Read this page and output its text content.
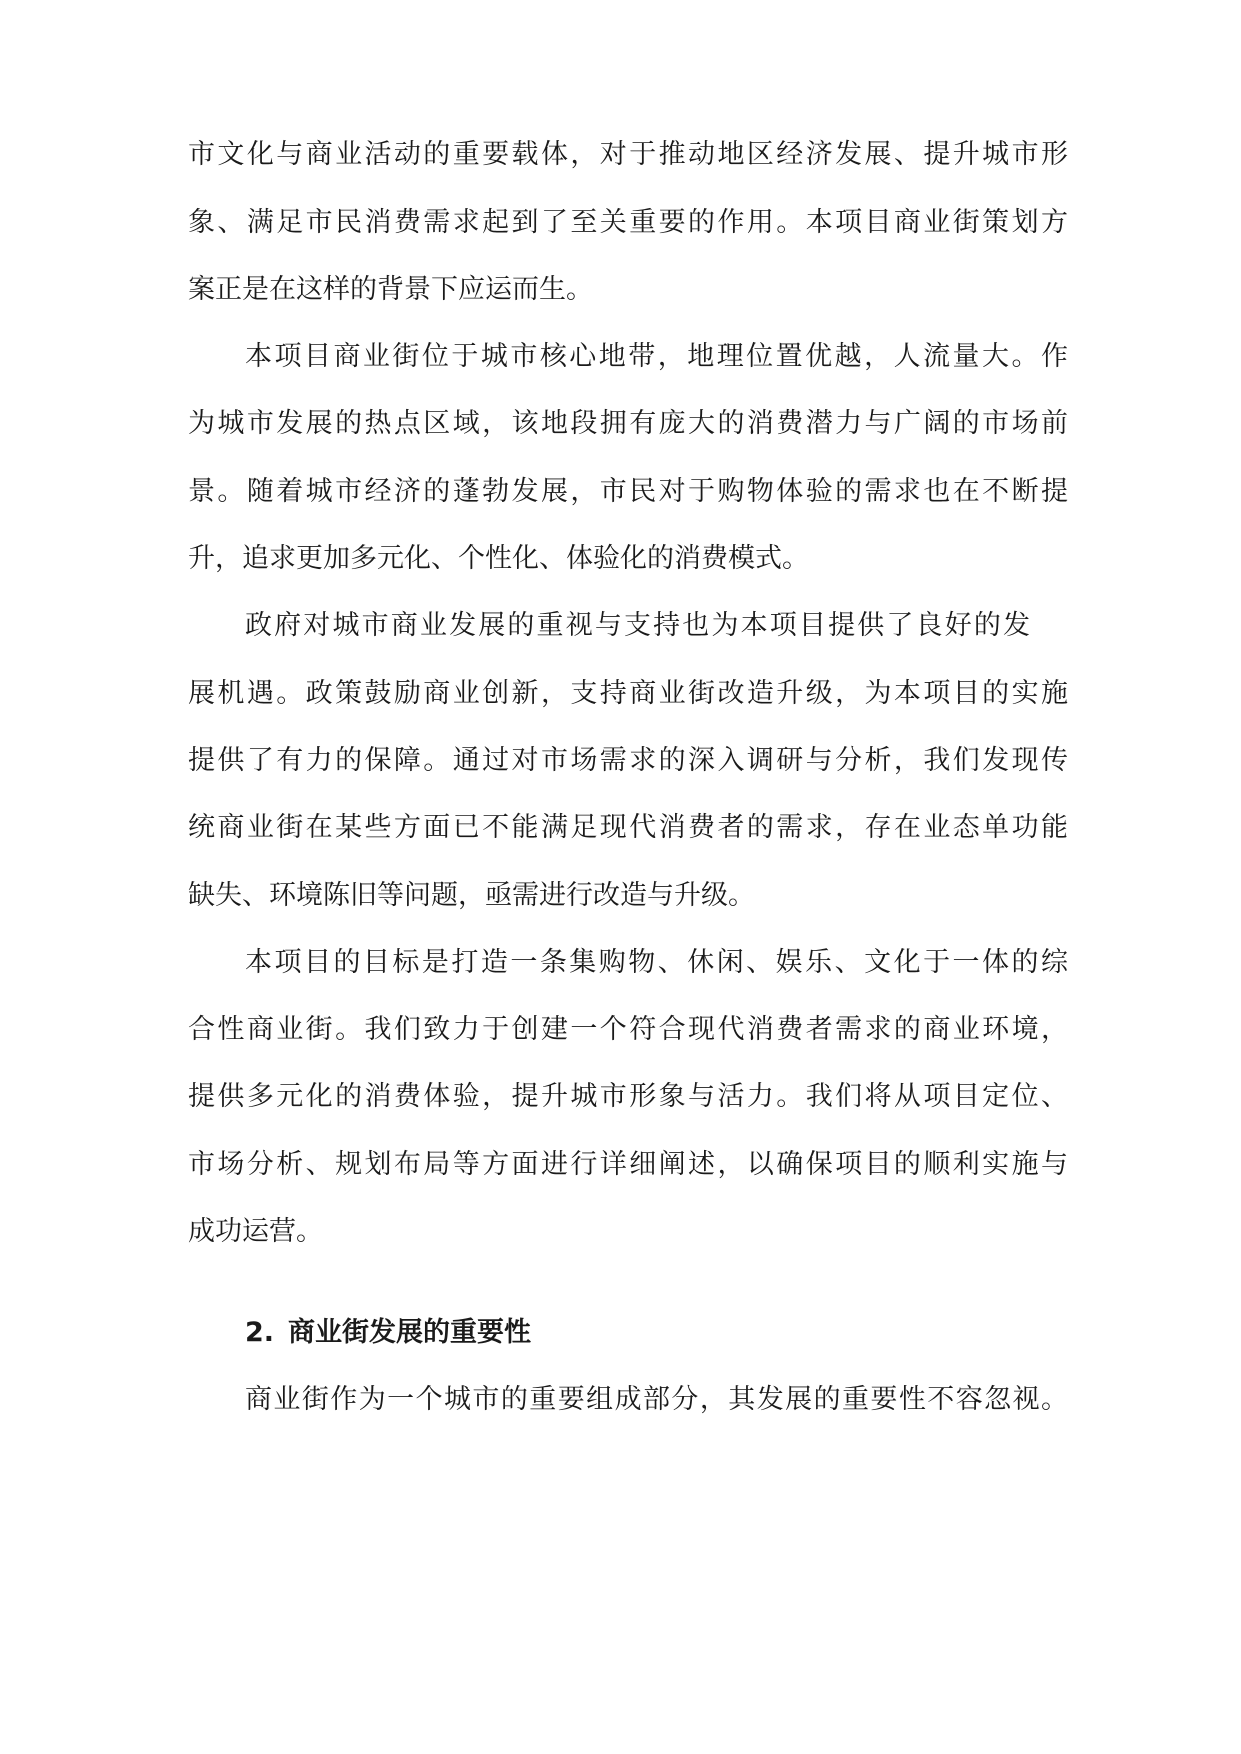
市文化与商业活动的重要载体，对于推动地区经济发展、提升城市形
象、满足市民消费需求起到了至关重要的作用。本项目商业街策划方
案正是在这样的背景下应运而生。
本项目商业街位于城市核心地带，地理位置优越，人流量大。作
为城市发展的热点区域，该地段拥有庞大的消费潜力与广阔的市场前
景。随着城市经济的蓬勃发展，市民对于购物体验的需求也在不断提
升，追求更加多元化、个性化、体验化的消费模式。
政府对城市商业发展的重视与支持也为本项目提供了良好的发
展机遇。政策鼓励商业创新，支持商业街改造升级，为本项目的实施
提供了有力的保障。通过对市场需求的深入调研与分析，我们发现传
统商业街在某些方面已不能满足现代消费者的需求，存在业态单功能
缺失、环境陈旧等问题，亟需进行改造与升级。
本项目的目标是打造一条集购物、休闲、娱乐、文化于一体的综
合性商业街。我们致力于创建一个符合现代消费者需求的商业环境，
提供多元化的消费体验，提升城市形象与活力。我们将从项目定位、
市场分析、规划布局等方面进行详细阐述，以确保项目的顺利实施与
成功运营。
2. 商业街发展的重要性
商业街作为一个城市的重要组成部分，其发展的重要性不容忽视。
